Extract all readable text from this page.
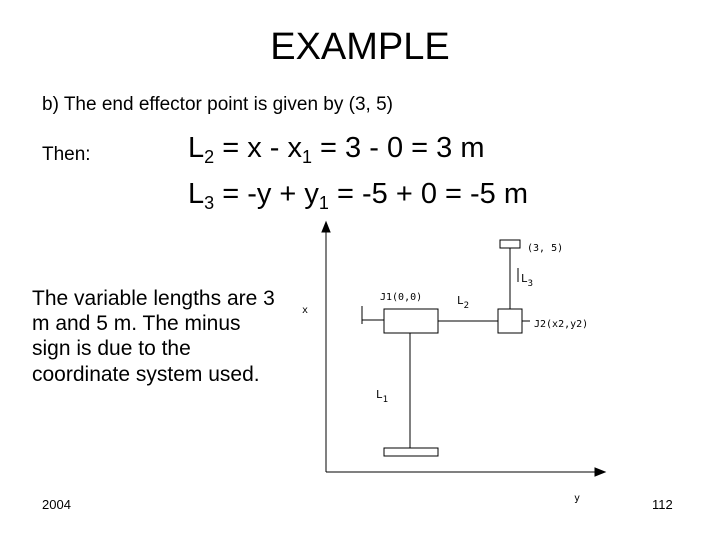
EXAMPLE
b) The end effector point is given by (3, 5)
Then:	$L_2 = x - x_1 = 3 - 0 = 3$ m
$L_3 = -y + y_1 = -5 + 0 = -5$ m
The variable lengths are 3 m and 5 m. The minus sign is due to the coordinate system used.
x
y
(3, 5)
J1(0,0)
J2(x2,y2)
$L_1$
$L_2$
$L_3$
2004	112
